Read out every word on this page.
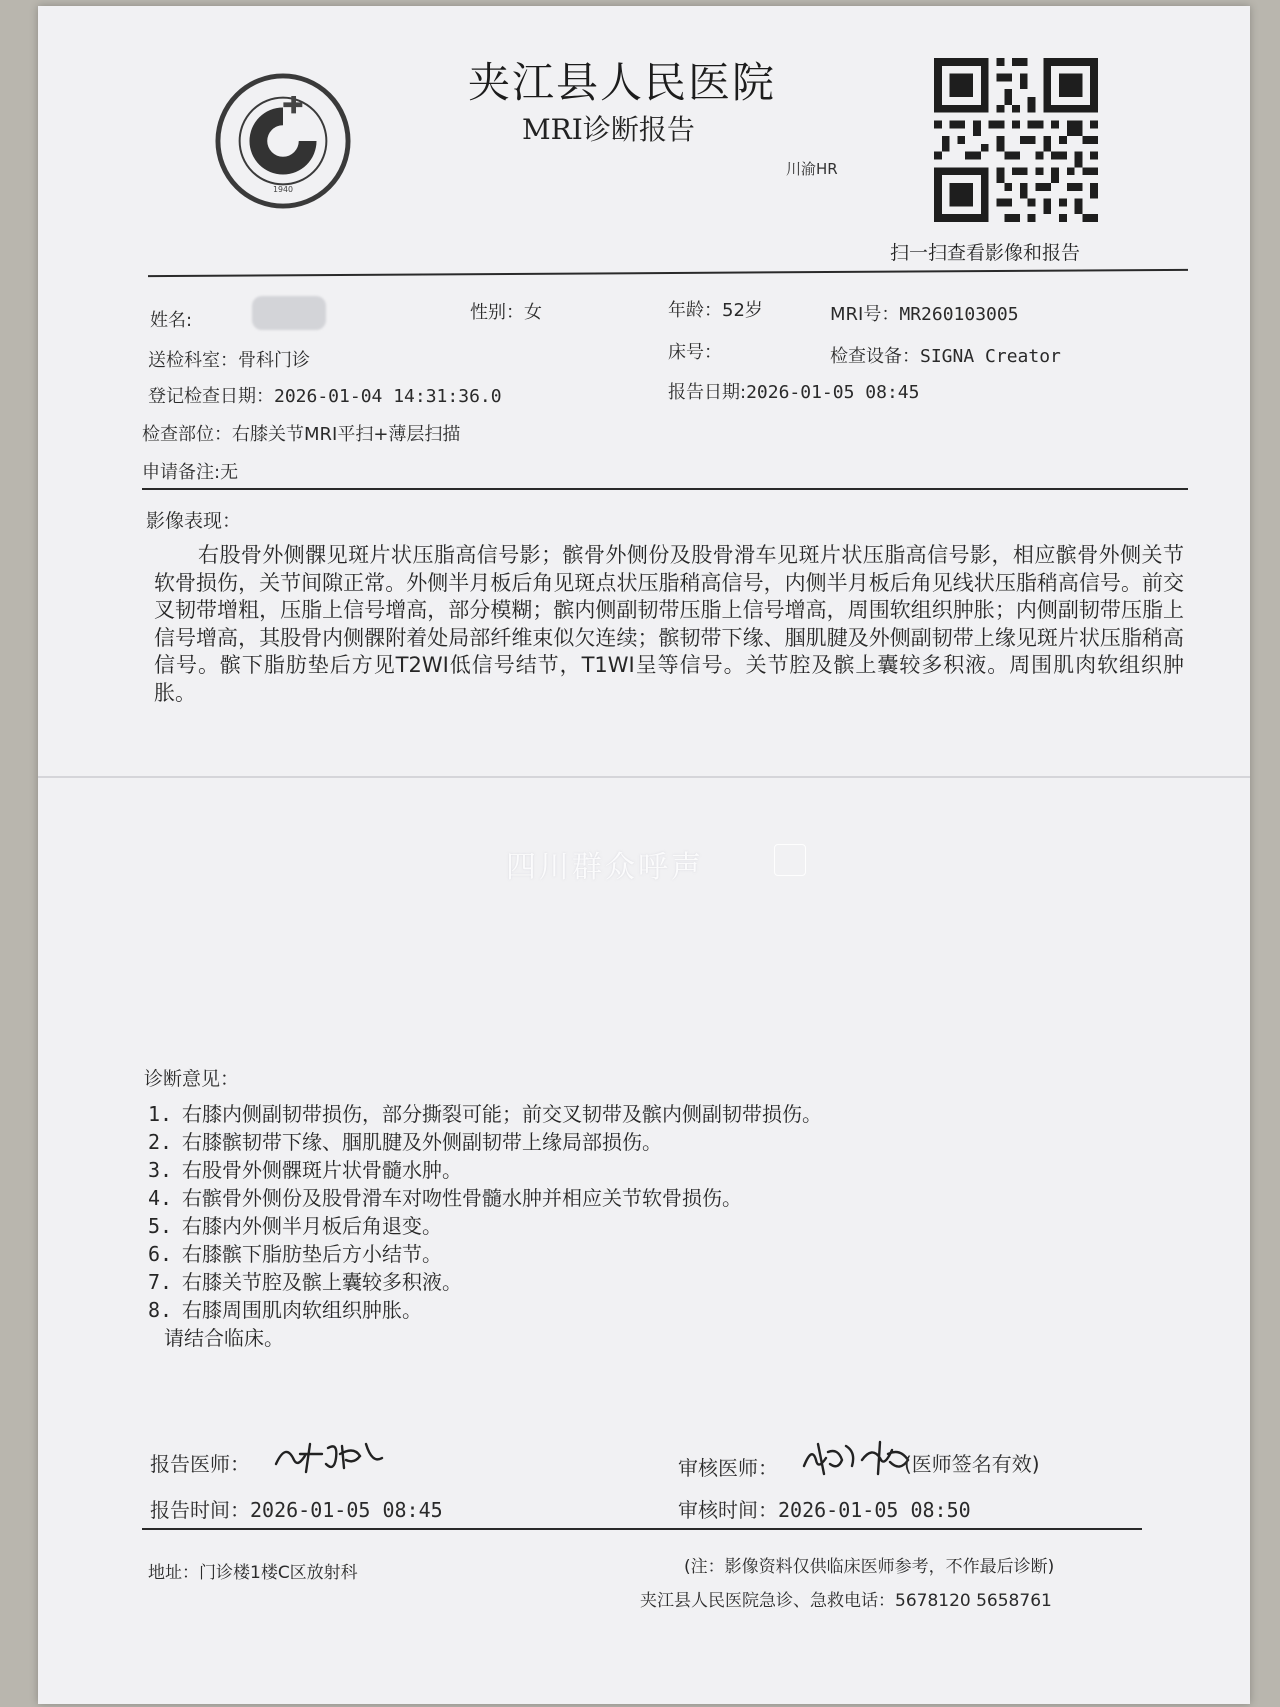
1940
夹江县人民医院
MRI诊断报告
川渝HR
扫一扫查看影像和报告
姓名:	性别：女	年龄：52岁	MRI号：MR260103005
送检科室：骨科门诊	床号：	检查设备：SIGNA Creator
登记检查日期：2026-01-04 14:31:36.0	报告日期:2026-01-05 08:45
检查部位：右膝关节MRI平扫+薄层扫描
申请备注:无
影像表现：
右股骨外侧髁见斑片状压脂高信号影；髌骨外侧份及股骨滑车见斑片状压脂高信号影，相应髌骨外侧关节软骨损伤，关节间隙正常。外侧半月板后角见斑点状压脂稍高信号，内侧半月板后角见线状压脂稍高信号。前交叉韧带增粗，压脂上信号增高，部分模糊；髌内侧副韧带压脂上信号增高，周围软组织肿胀；内侧副韧带压脂上信号增高，其股骨内侧髁附着处局部纤维束似欠连续；髌韧带下缘、腘肌腱及外侧副韧带上缘见斑片状压脂稍高信号。髌下脂肪垫后方见T2WI低信号结节，T1WI呈等信号。关节腔及髌上囊较多积液。周围肌肉软组织肿胀。
四川群众呼声
诊断意见：
1. 右膝内侧副韧带损伤，部分撕裂可能；前交叉韧带及髌内侧副韧带损伤。
2. 右膝髌韧带下缘、腘肌腱及外侧副韧带上缘局部损伤。
3. 右股骨外侧髁斑片状骨髓水肿。
4. 右髌骨外侧份及股骨滑车对吻性骨髓水肿并相应关节软骨损伤。
5. 右膝内外侧半月板后角退变。
6. 右膝髌下脂肪垫后方小结节。
7. 右膝关节腔及髌上囊较多积液。
8. 右膝周围肌肉软组织肿胀。
请结合临床。
报告医师：
报告时间：2026-01-05 08:45
审核医师：	(医师签名有效)
审核时间：2026-01-05 08:50
地址：门诊楼1楼C区放射科	(注：影像资料仅供临床医师参考，不作最后诊断)
夹江县人民医院急诊、急救电话：5678120 5658761
